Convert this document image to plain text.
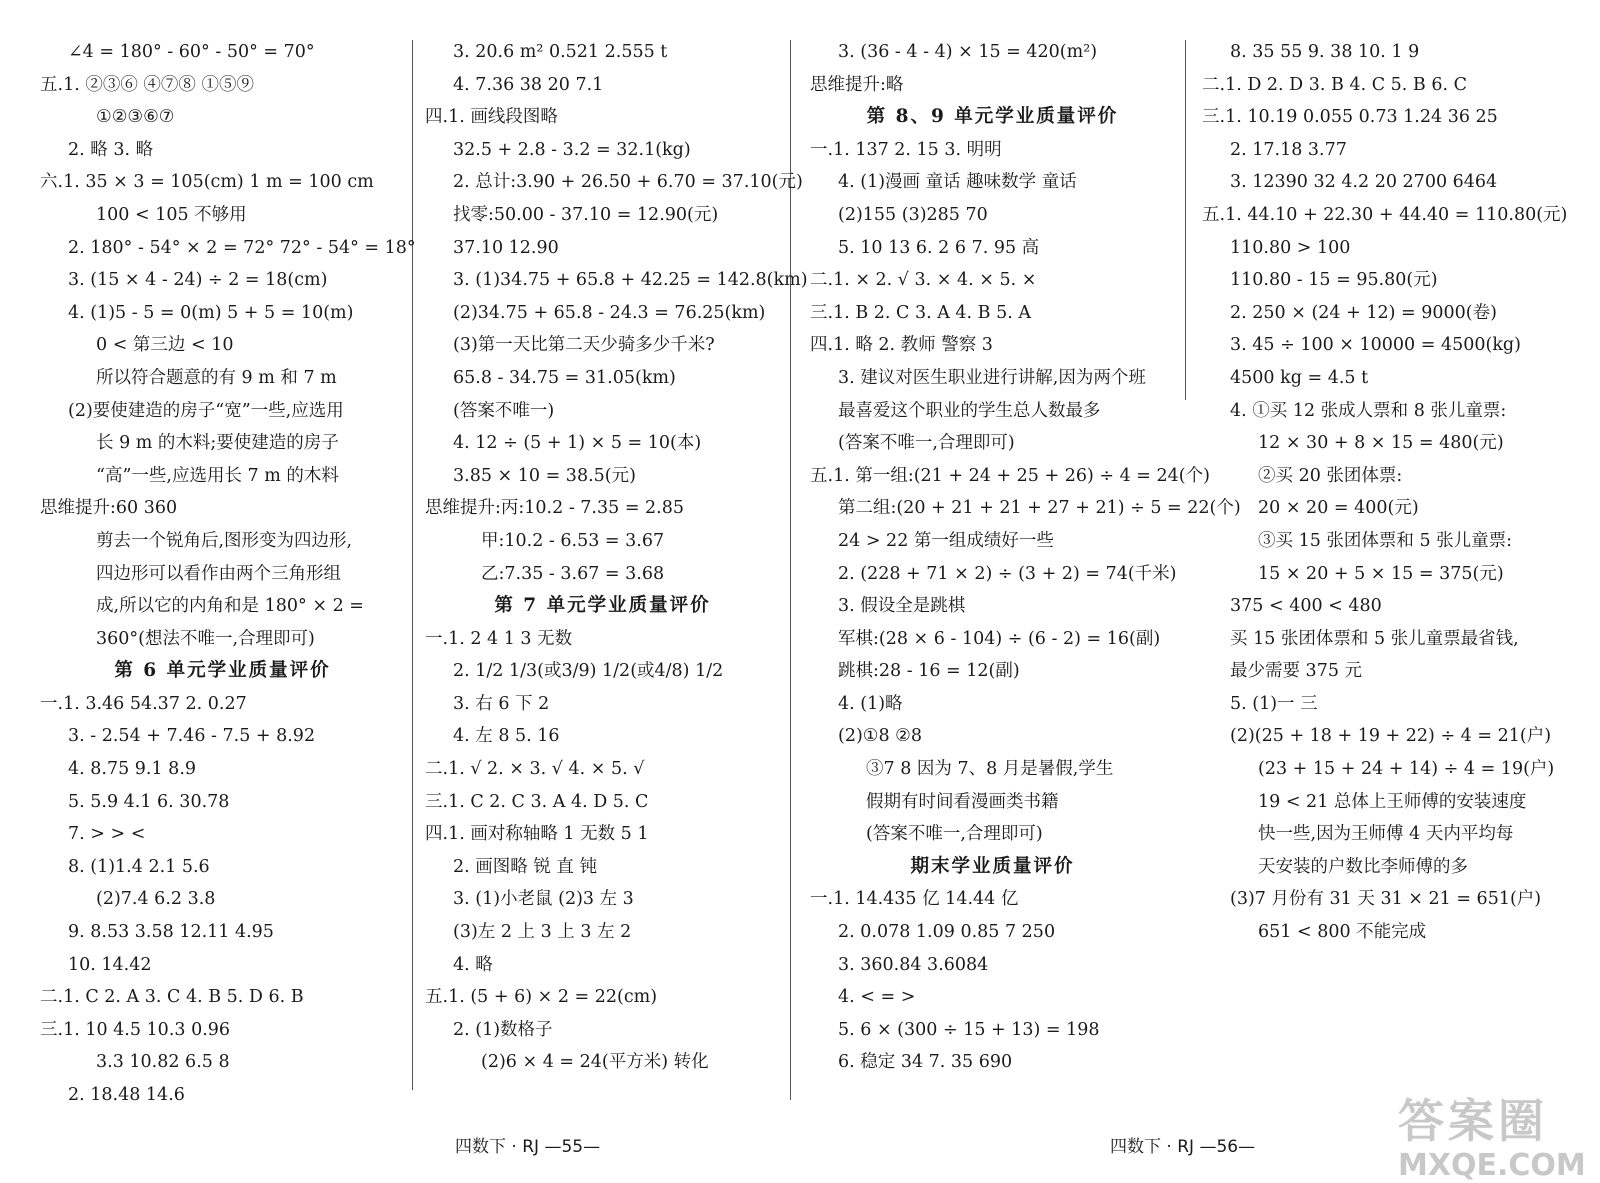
∠4 = 180° - 60° - 50° = 70°
五.1. ②③⑥ ④⑦⑧ ①⑤⑨
①②③⑥⑦
2. 略 3. 略
六.1. 35 × 3 = 105(cm) 1 m = 100 cm
100 < 105 不够用
2. 180° - 54° × 2 = 72° 72° - 54° = 18°
3. (15 × 4 - 24) ÷ 2 = 18(cm)
4. (1)5 - 5 = 0(m) 5 + 5 = 10(m)
0 < 第三边 < 10
所以符合题意的有 9 m 和 7 m
(2)要使建造的房子“宽”一些,应选用
长 9 m 的木料;要使建造的房子
“高”一些,应选用长 7 m 的木料
思维提升:60 360
剪去一个锐角后,图形变为四边形,
四边形可以看作由两个三角形组
成,所以它的内角和是 180° × 2 =
360°(想法不唯一,合理即可)
第 6 单元学业质量评价
一.1. 3.46 54.37 2. 0.27
3. - 2.54 + 7.46 - 7.5 + 8.92
4. 8.75 9.1 8.9
5. 5.9 4.1 6. 30.78
7. > > <
8. (1)1.4 2.1 5.6
(2)7.4 6.2 3.8
9. 8.53 3.58 12.11 4.95
10. 14.42
二.1. C 2. A 3. C 4. B 5. D 6. B
三.1. 10 4.5 10.3 0.96
3.3 10.82 6.5 8
2. 18.48 14.6
3. 20.6 m² 0.521 2.555 t
4. 7.36 38 20 7.1
四.1. 画线段图略
32.5 + 2.8 - 3.2 = 32.1(kg)
2. 总计:3.90 + 26.50 + 6.70 = 37.10(元)
找零:50.00 - 37.10 = 12.90(元)
37.10 12.90
3. (1)34.75 + 65.8 + 42.25 = 142.8(km)
(2)34.75 + 65.8 - 24.3 = 76.25(km)
(3)第一天比第二天少骑多少千米?
65.8 - 34.75 = 31.05(km)
(答案不唯一)
4. 12 ÷ (5 + 1) × 5 = 10(本)
3.85 × 10 = 38.5(元)
思维提升:丙:10.2 - 7.35 = 2.85
甲:10.2 - 6.53 = 3.67
乙:7.35 - 3.67 = 3.68
第 7 单元学业质量评价
一.1. 2 4 1 3 无数
2. 1/2 1/3(或3/9) 1/2(或4/8) 1/2
3. 右 6 下 2
4. 左 8 5. 16
二.1. √ 2. × 3. √ 4. × 5. √
三.1. C 2. C 3. A 4. D 5. C
四.1. 画对称轴略 1 无数 5 1
2. 画图略 锐 直 钝
3. (1)小老鼠 (2)3 左 3
(3)左 2 上 3 上 3 左 2
4. 略
五.1. (5 + 6) × 2 = 22(cm)
2. (1)数格子
(2)6 × 4 = 24(平方米) 转化
3. (36 - 4 - 4) × 15 = 420(m²)
思维提升:略
第 8、9 单元学业质量评价
一.1. 137 2. 15 3. 明明
4. (1)漫画 童话 趣味数学 童话
(2)155 (3)285 70
5. 10 13 6. 2 6 7. 95 高
二.1. × 2. √ 3. × 4. × 5. ×
三.1. B 2. C 3. A 4. B 5. A
四.1. 略 2. 教师 警察 3
3. 建议对医生职业进行讲解,因为两个班
最喜爱这个职业的学生总人数最多
(答案不唯一,合理即可)
五.1. 第一组:(21 + 24 + 25 + 26) ÷ 4 = 24(个)
第二组:(20 + 21 + 21 + 27 + 21) ÷ 5 = 22(个)
24 > 22 第一组成绩好一些
2. (228 + 71 × 2) ÷ (3 + 2) = 74(千米)
3. 假设全是跳棋
军棋:(28 × 6 - 104) ÷ (6 - 2) = 16(副)
跳棋:28 - 16 = 12(副)
4. (1)略
(2)①8 ②8
③7 8 因为 7、8 月是暑假,学生
假期有时间看漫画类书籍
(答案不唯一,合理即可)
期末学业质量评价
一.1. 14.435 亿 14.44 亿
2. 0.078 1.09 0.85 7 250
3. 360.84 3.6084
4. < = >
5. 6 × (300 ÷ 15 + 13) = 198
6. 稳定 34 7. 35 690
8. 35 55 9. 38 10. 1 9
二.1. D 2. D 3. B 4. C 5. B 6. C
三.1. 10.19 0.055 0.73 1.24 36 25
2. 17.18 3.77
3. 12390 32 4.2 20 2700 6464
五.1. 44.10 + 22.30 + 44.40 = 110.80(元)
110.80 > 100
110.80 - 15 = 95.80(元)
2. 250 × (24 + 12) = 9000(卷)
3. 45 ÷ 100 × 10000 = 4500(kg)
4500 kg = 4.5 t
4. ①买 12 张成人票和 8 张儿童票:
12 × 30 + 8 × 15 = 480(元)
②买 20 张团体票:
20 × 20 = 400(元)
③买 15 张团体票和 5 张儿童票:
15 × 20 + 5 × 15 = 375(元)
375 < 400 < 480
买 15 张团体票和 5 张儿童票最省钱,
最少需要 375 元
5. (1)一 三
(2)(25 + 18 + 19 + 22) ÷ 4 = 21(户)
(23 + 15 + 24 + 14) ÷ 4 = 19(户)
19 < 21 总体上王师傅的安装速度
快一些,因为王师傅 4 天内平均每
天安装的户数比李师傅的多
(3)7 月份有 31 天 31 × 21 = 651(户)
651 < 800 不能完成
四数下 · RJ —55—	四数下 · RJ —56—	答案圈
MXQE.COM
